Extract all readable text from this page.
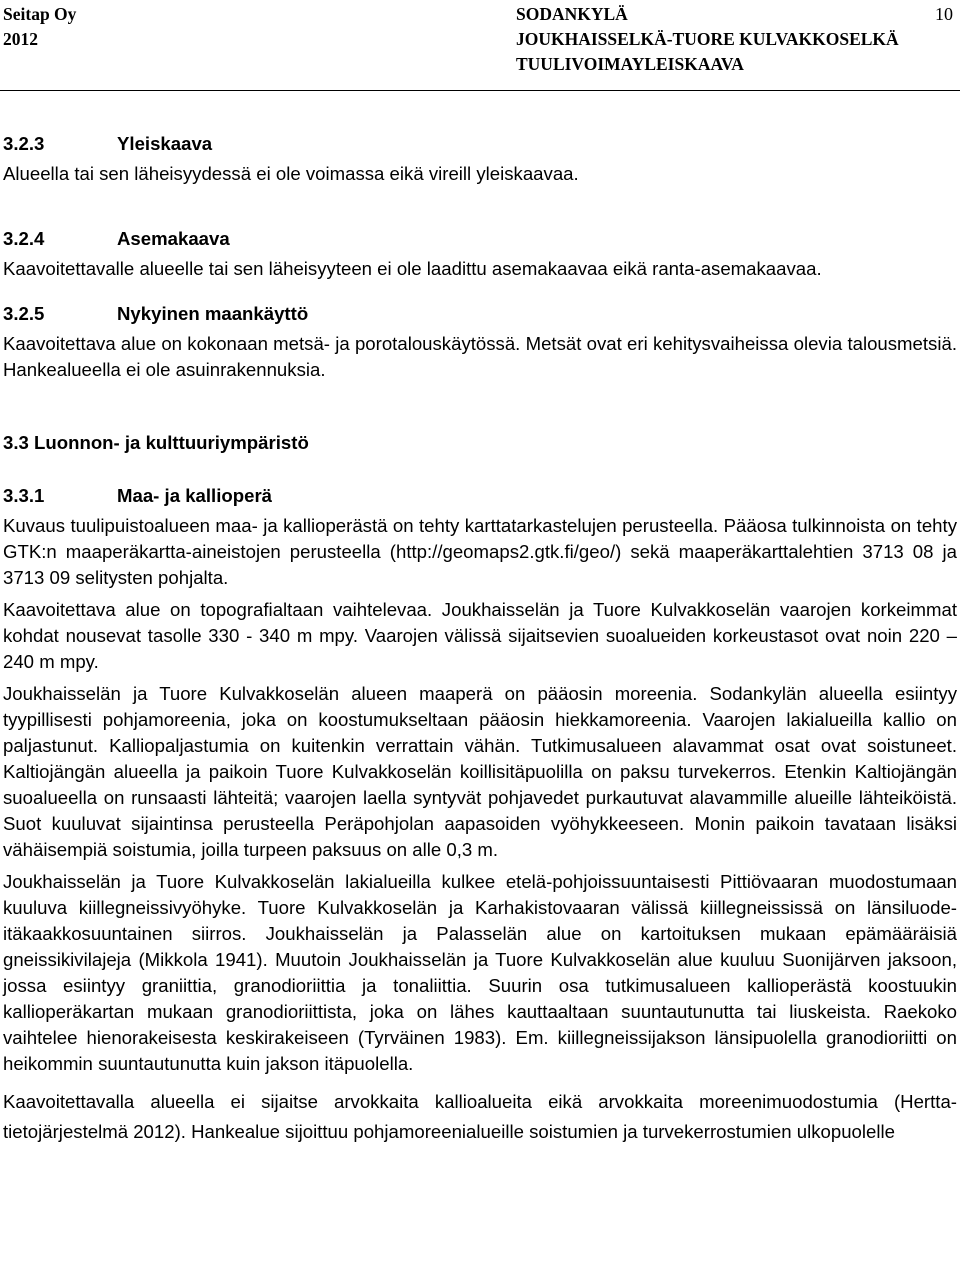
Seitap Oy
2012
SODANKYLÄ
JOUKHAISSELKÄ-TUORE KULVAKKOSELKÄ
TUULIVOIMAYLEISKAAVA
10
3.2.3	Yleiskaava

Alueella tai sen läheisyydessä ei ole voimassa eikä vireill yleiskaavaa.

3.2.4	Asemakaava

Kaavoitettavalle alueelle tai sen läheisyyteen ei ole laadittu asemakaavaa eikä ranta-asemakaavaa.

3.2.5	Nykyinen maankäyttö

Kaavoitettava alue on kokonaan metsä- ja porotalouskäytössä. Metsät ovat eri kehitysvaiheissa olevia talousmetsiä. Hankealueella ei ole asuinrakennuksia.

3.3 Luonnon- ja kulttuuriympäristö
3.3.1	Maa- ja kallioperä

Kuvaus tuulipuistoalueen maa- ja kallioperästä on tehty karttatarkastelujen perusteella. Pääosa tulkinnoista on tehty GTK:n maaperäkartta-aineistojen perusteella (http://geomaps2.gtk.fi/geo/) sekä maaperäkarttalehtien 3713 08 ja 3713 09 selitysten pohjalta.

Kaavoitettava alue on topografialtaan vaihtelevaa. Joukhaisselän ja Tuore Kulvakkoselän vaarojen korkeimmat kohdat nousevat tasolle 330 - 340 m mpy. Vaarojen välissä sijaitsevien suoalueiden korkeustasot ovat noin 220 – 240 m mpy.

Joukhaisselän ja Tuore Kulvakkoselän alueen maaperä on pääosin moreenia. Sodankylän alueella esiintyy tyypillisesti pohjamoreenia, joka on koostumukseltaan pääosin hiekkamoreenia. Vaarojen lakialueilla kallio on paljastunut. Kalliopaljastumia on kuitenkin verrattain vähän. Tutkimusalueen alavammat osat ovat soistuneet. Kaltiojängän alueella ja paikoin Tuore Kulvakkoselän koillisitäpuolilla on paksu turvekerros. Etenkin Kaltiojängän suoalueella on runsaasti lähteitä; vaarojen laella syntyvät pohjavedet purkautuvat alavammille alueille lähteiköistä. Suot kuuluvat sijaintinsa perusteella Peräpohjolan aapasoiden vyöhykkeeseen. Monin paikoin tavataan lisäksi vähäisempiä soistumia, joilla turpeen paksuus on alle 0,3 m.

Joukhaisselän ja Tuore Kulvakkoselän lakialueilla kulkee etelä-pohjoissuuntaisesti Pittiövaaran muodostumaan kuuluva kiillegneissivyöhyke. Tuore Kulvakkoselän ja Karhakistovaaran välissä kiillegneississä on länsiluode- itäkaakkosuuntainen siirros. Joukhaisselän ja Palasselän alue on kartoituksen mukaan epämääräisiä gneissikivilajeja (Mikkola 1941). Muutoin Joukhaisselän ja Tuore Kulvakkoselän alue kuuluu Suonijärven jaksoon, jossa esiintyy graniittia, granodioriittia ja tonaliittia. Suurin osa tutkimusalueen kallioperästä koostuukin kallioperäkartan mukaan granodioriittista, joka on lähes kauttaaltaan suuntautunutta tai liuskeista. Raekoko vaihtelee hienorakeisesta keskirakeiseen (Tyrväinen 1983). Em. kiillegneissijakson länsipuolella granodioriitti on heikommin suuntautunutta kuin jakson itäpuolella.

Kaavoitettavalla alueella ei sijaitse arvokkaita kallioalueita eikä arvokkaita moreenimuodostumia (Hertta-tietojärjestelmä 2012). Hankealue sijoittuu pohjamoreenialueille soistumien ja turvekerrostumien ulkopuolelle
